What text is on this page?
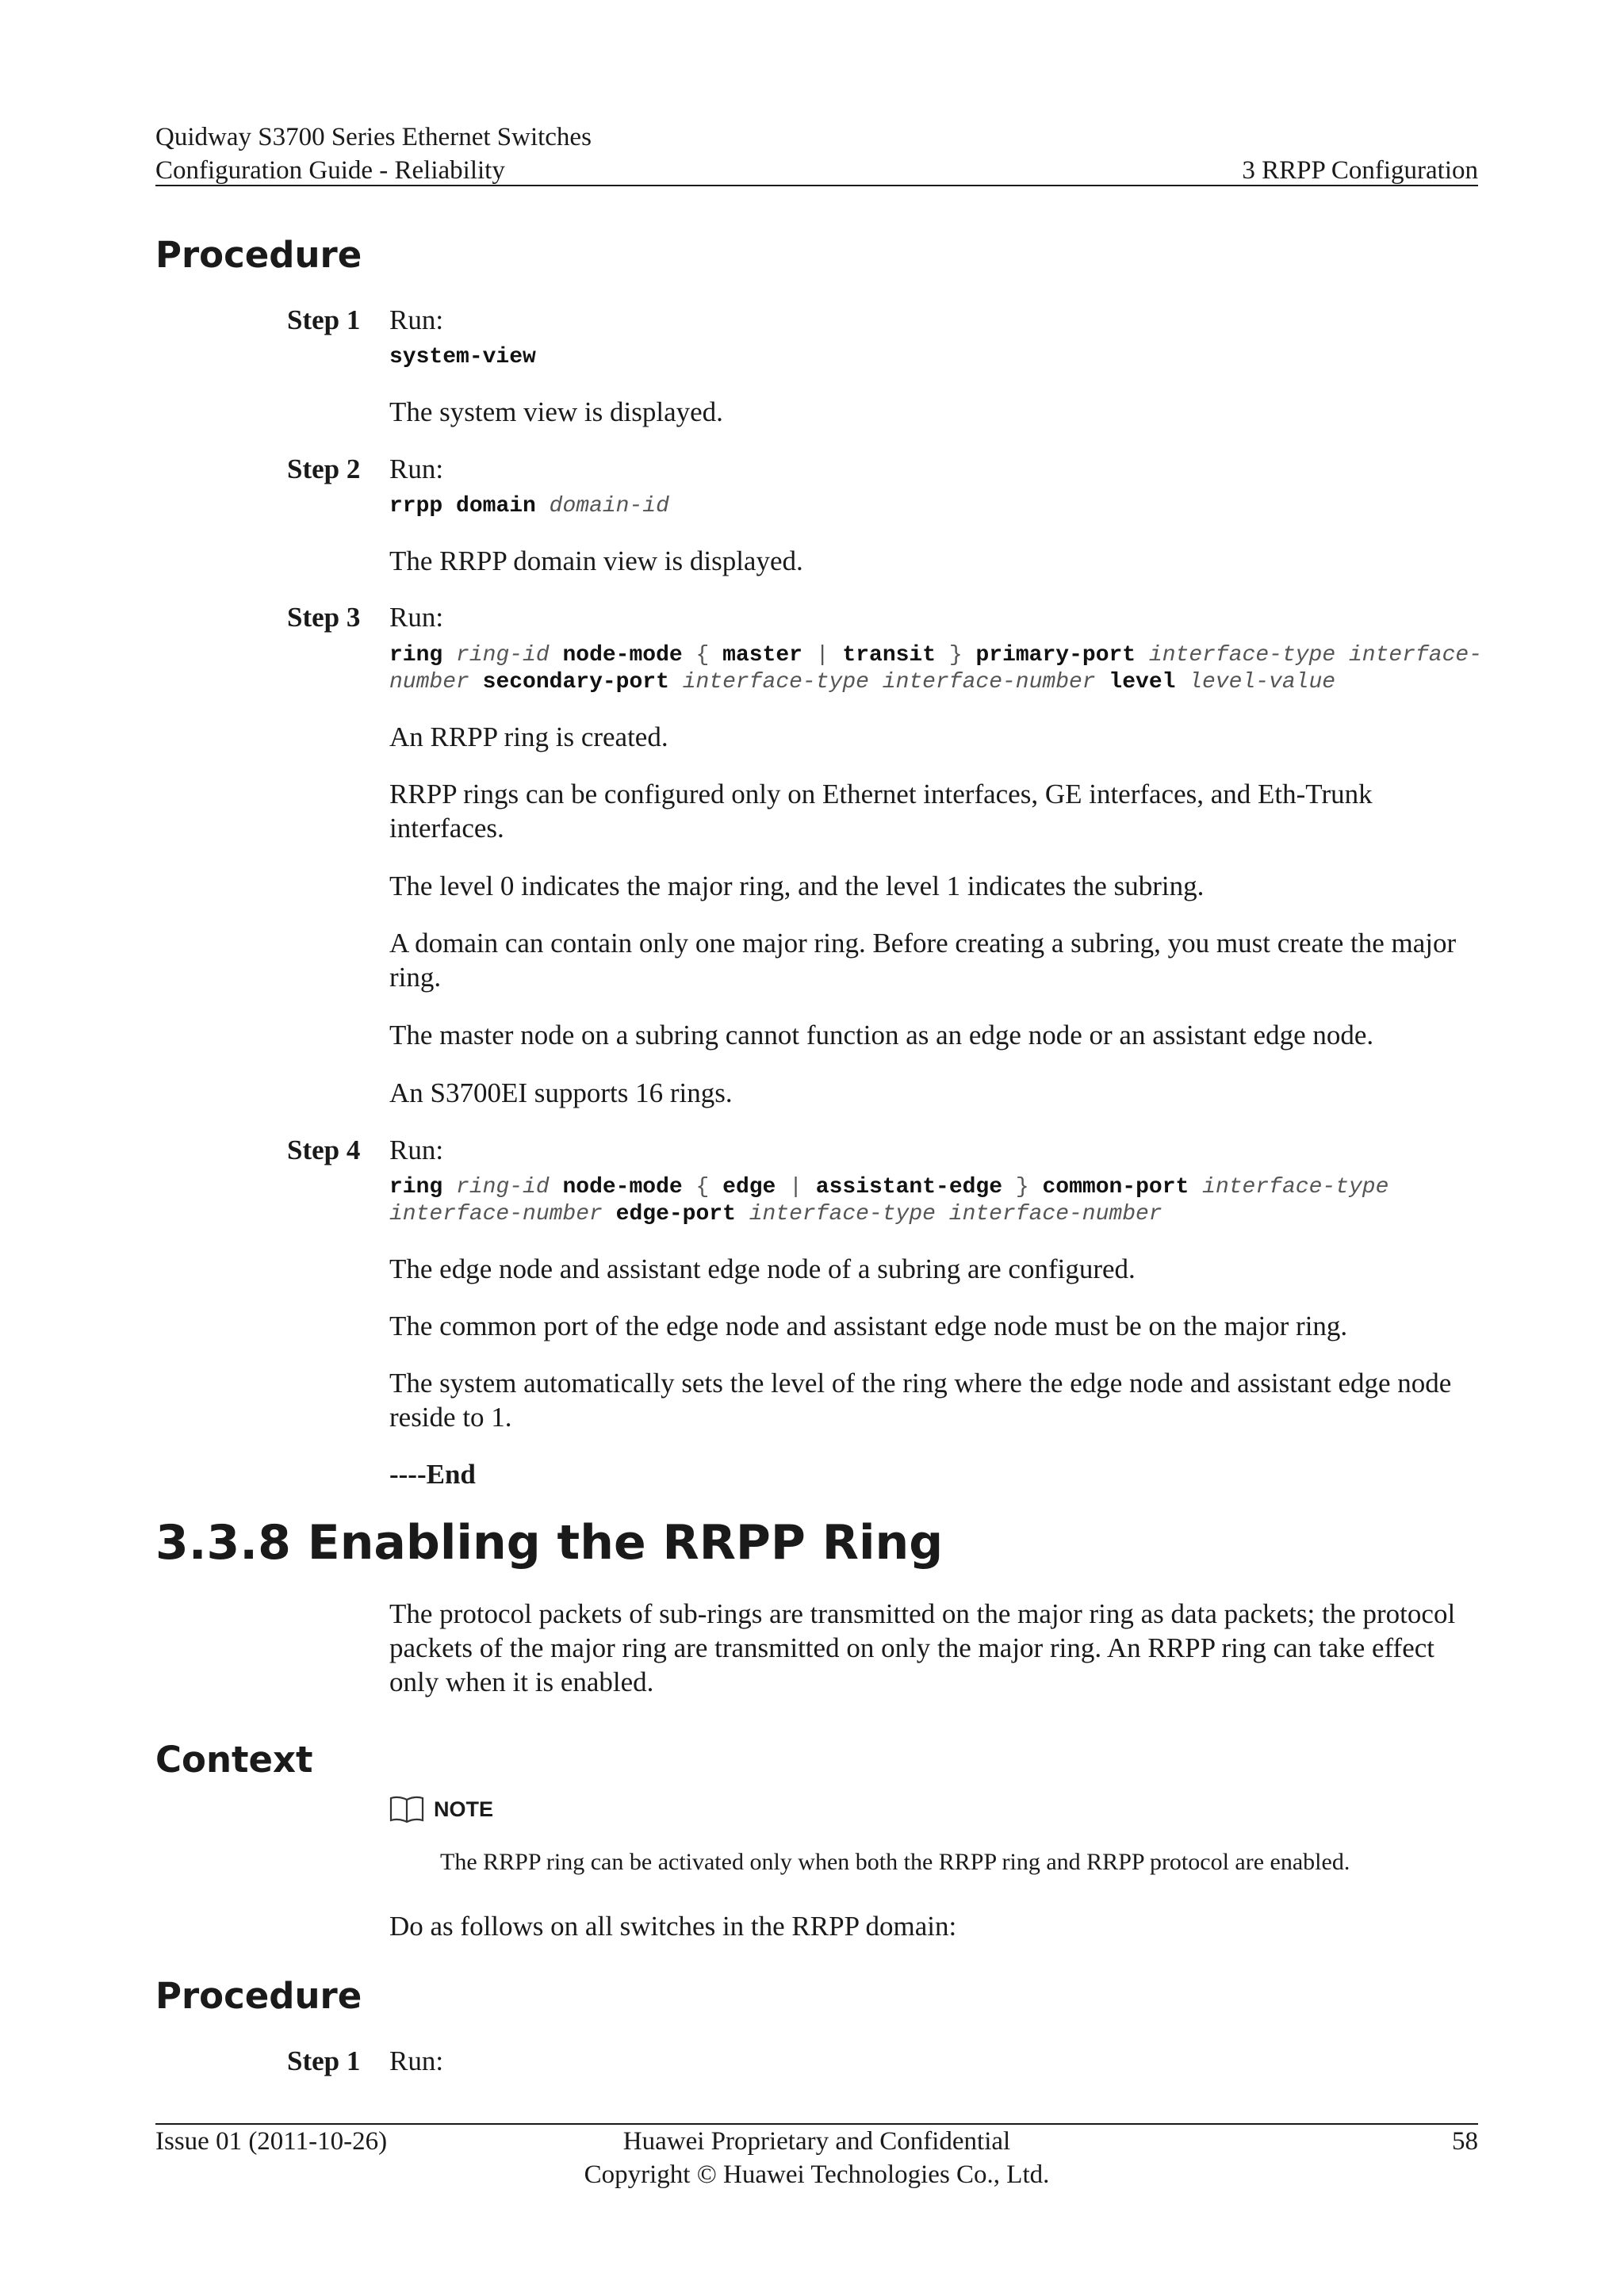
Quidway S3700 Series Ethernet Switches
Configuration Guide - Reliability	3 RRPP Configuration
Procedure
Step 1 Run:
system-view
The system view is displayed.
Step 2 Run:
rrpp domain domain-id
The RRPP domain view is displayed.
Step 3 Run:
ring ring-id node-mode { master | transit } primary-port interface-type interface-
number secondary-port interface-type interface-number level level-value
An RRPP ring is created.
RRPP rings can be configured only on Ethernet interfaces, GE interfaces, and Eth-Trunk interfaces.
The level 0 indicates the major ring, and the level 1 indicates the subring.
A domain can contain only one major ring. Before creating a subring, you must create the major ring.
The master node on a subring cannot function as an edge node or an assistant edge node.
An S3700EI supports 16 rings.
Step 4 Run:
ring ring-id node-mode { edge | assistant-edge } common-port interface-type
interface-number edge-port interface-type interface-number
The edge node and assistant edge node of a subring are configured.
The common port of the edge node and assistant edge node must be on the major ring.
The system automatically sets the level of the ring where the edge node and assistant edge node reside to 1.
----End
3.3.8 Enabling the RRPP Ring
The protocol packets of sub-rings are transmitted on the major ring as data packets; the protocol packets of the major ring are transmitted on only the major ring. An RRPP ring can take effect only when it is enabled.
Context
NOTE
The RRPP ring can be activated only when both the RRPP ring and RRPP protocol are enabled.
Do as follows on all switches in the RRPP domain:
Procedure
Step 1 Run:
Issue 01 (2011-10-26)	Huawei Proprietary and Confidential
Copyright © Huawei Technologies Co., Ltd.
58
